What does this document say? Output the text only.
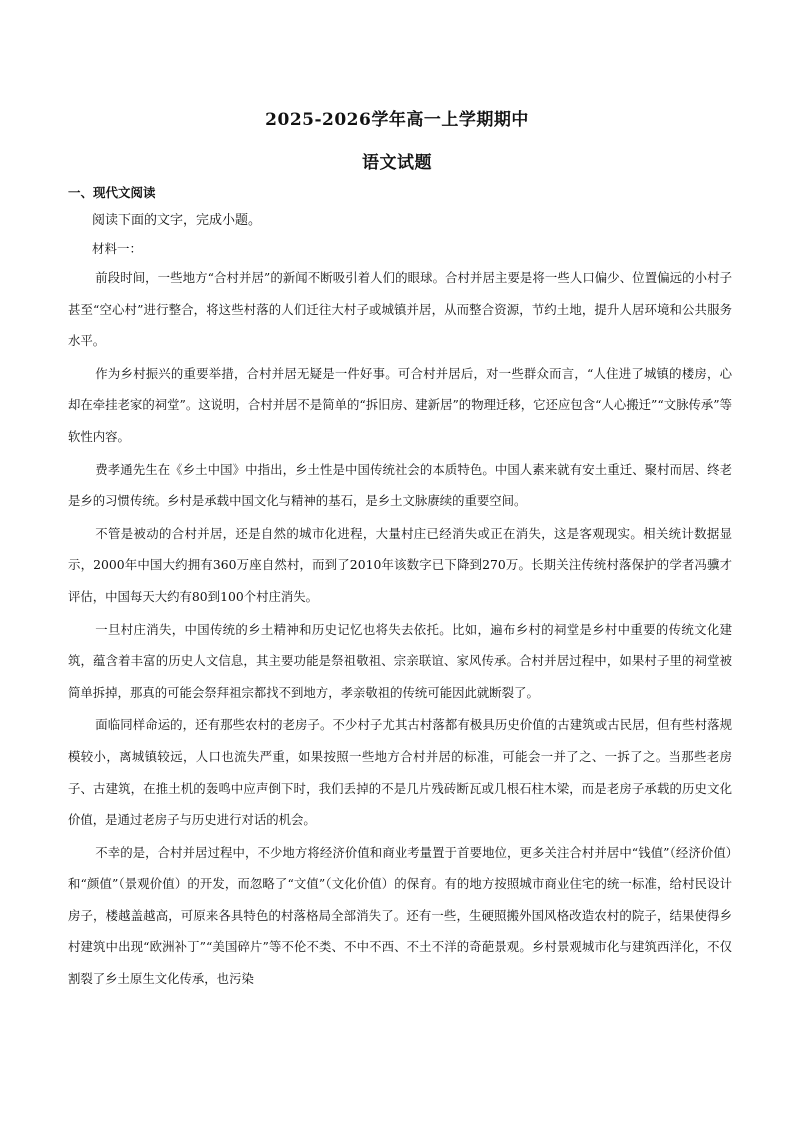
2025-2026学年高一上学期期中
语文试题
一、现代文阅读
阅读下面的文字，完成小题。
材料一：

前段时间，一些地方“合村并居”的新闻不断吸引着人们的眼球。合村并居主要是将一些人口偏少、位置偏远的小村子甚至“空心村”进行整合，将这些村落的人们迁往大村子或城镇并居，从而整合资源，节约土地，提升人居环境和公共服务水平。

作为乡村振兴的重要举措，合村并居无疑是一件好事。可合村并居后，对一些群众而言，“人住进了城镇的楼房，心却在牵挂老家的祠堂”。这说明，合村并居不是简单的“拆旧房、建新居”的物理迁移，它还应包含“人心搬迁”“文脉传承”等软性内容。

费孝通先生在《乡土中国》中指出，乡土性是中国传统社会的本质特色。中国人素来就有安土重迁、聚村而居、终老是乡的习惯传统。乡村是承载中国文化与精神的基石，是乡土文脉赓续的重要空间。

不管是被动的合村并居，还是自然的城市化进程，大量村庄已经消失或正在消失，这是客观现实。相关统计数据显示，2000年中国大约拥有360万座自然村，而到了2010年该数字已下降到270万。长期关注传统村落保护的学者冯骥才评估，中国每天大约有80到100个村庄消失。

一旦村庄消失，中国传统的乡土精神和历史记忆也将失去依托。比如，遍布乡村的祠堂是乡村中重要的传统文化建筑，蕴含着丰富的历史人文信息，其主要功能是祭祖敬祖、宗亲联谊、家风传承。合村并居过程中，如果村子里的祠堂被简单拆掉，那真的可能会祭拜祖宗都找不到地方，孝亲敬祖的传统可能因此就断裂了。

面临同样命运的，还有那些农村的老房子。不少村子尤其古村落都有极具历史价值的古建筑或古民居，但有些村落规模较小，离城镇较远，人口也流失严重，如果按照一些地方合村并居的标准，可能会一并了之、一拆了之。当那些老房子、古建筑，在推土机的轰鸣中应声倒下时，我们丢掉的不是几片残砖断瓦或几根石柱木梁，而是老房子承载的历史文化价值，是通过老房子与历史进行对话的机会。

不幸的是，合村并居过程中，不少地方将经济价值和商业考量置于首要地位，更多关注合村并居中“钱值”（经济价值）和“颜值”（景观价值）的开发，而忽略了“文值”（文化价值）的保育。有的地方按照城市商业住宅的统一标准，给村民设计房子，楼越盖越高，可原来各具特色的村落格局全部消失了。还有一些，生硬照搬外国风格改造农村的院子，结果使得乡村建筑中出现“欧洲补丁”“美国碎片”等不伦不类、不中不西、不土不洋的奇葩景观。乡村景观城市化与建筑西洋化，不仅割裂了乡土原生文化传承，也污染
